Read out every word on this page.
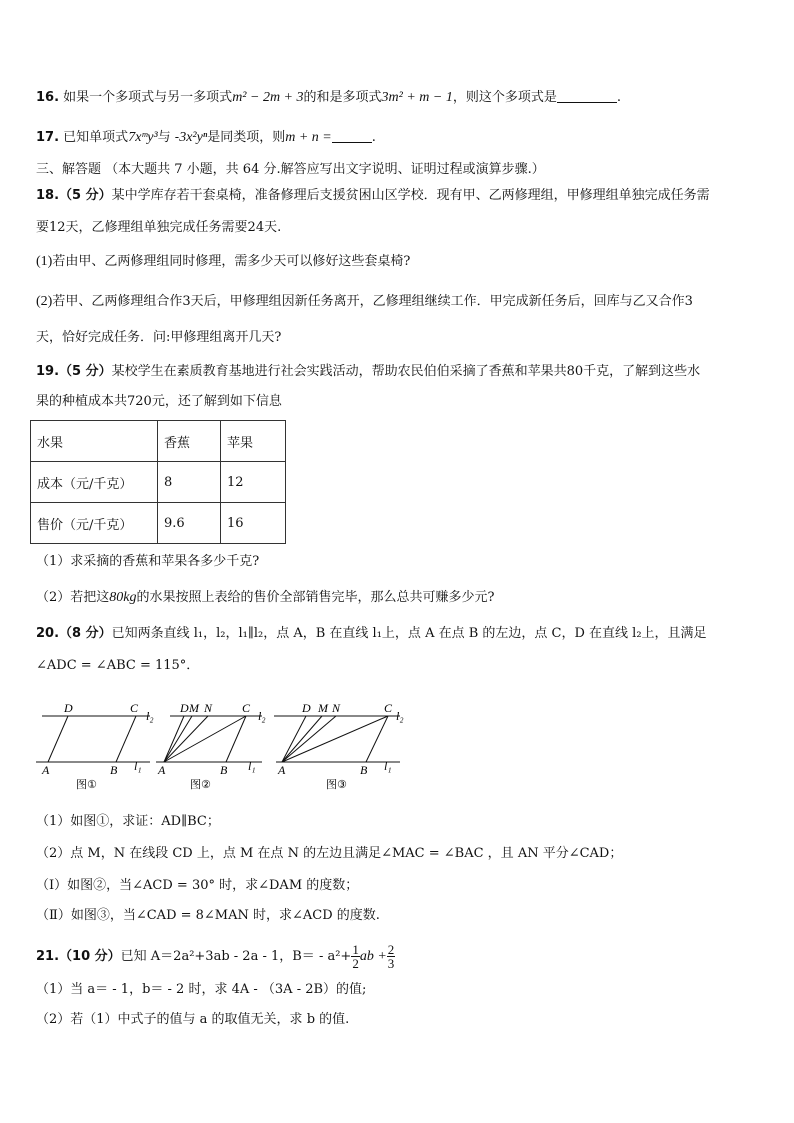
16. 如果一个多项式与另一多项式m² − 2m + 3的和是多项式3m² + m − 1，则这个多项式是	.
17. 已知单项式7xᵐy³与 -3x²yⁿ是同类项，则m + n =	.
三、解答题 （本大题共 7 小题，共 64 分.解答应写出文字说明、证明过程或演算步骤.）
18.（5 分）某中学库存若干套桌椅，准备修理后支援贫困山区学校．现有甲、乙两修理组，甲修理组单独完成任务需
要12天，乙修理组单独完成任务需要24天.
(1)若由甲、乙两修理组同时修理，需多少天可以修好这些套桌椅?
(2)若甲、乙两修理组合作3天后，甲修理组因新任务离开，乙修理组继续工作．甲完成新任务后，回库与乙又合作3
天，恰好完成任务．问:甲修理组离开几天?
19.（5 分）某校学生在素质教育基地进行社会实践活动，帮助农民伯伯采摘了香蕉和苹果共80千克，了解到这些水
果的种植成本共720元，还了解到如下信息
水果	香蕉	苹果
成本（元/千克）	8	12
售价（元/千克）	9.6	16
（1）求采摘的香蕉和苹果各多少千克?
（2）若把这80kg的水果按照上表给的售价全部销售完毕，那么总共可赚多少元?
20.（8 分）已知两条直线 l₁，l₂，l₁∥l₂，点 A，B 在直线 l₁上，点 A 在点 B 的左边，点 C，D 在直线 l₂上，且满足
∠ADC = ∠ABC = 115°．
D	C
l₂
A	B l₁
图①
D M N C
l₂
A	B l₁
图②
D M N	C
l₂
A	B l₁
图③
（1）如图①，求证：AD∥BC；
（2）点 M，N 在线段 CD 上，点 M 在点 N 的左边且满足∠MAC = ∠BAC ，且 AN 平分∠CAD；
（Ⅰ）如图②，当∠ACD = 30° 时，求∠DAM 的度数；
（Ⅱ）如图③，当∠CAD = 8∠MAN 时，求∠ACD 的度数.
21.（10 分）已知 A＝2a²+3ab - 2a - 1，$B= - a^2+ \frac{1}{2}$ ab + $\frac{2}{3}$
（1）当 a＝ - 1，b＝ - 2 时，求 4A - （3A - 2B）的值;
（2）若（1）中式子的值与 a 的取值无关，求 b 的值.
